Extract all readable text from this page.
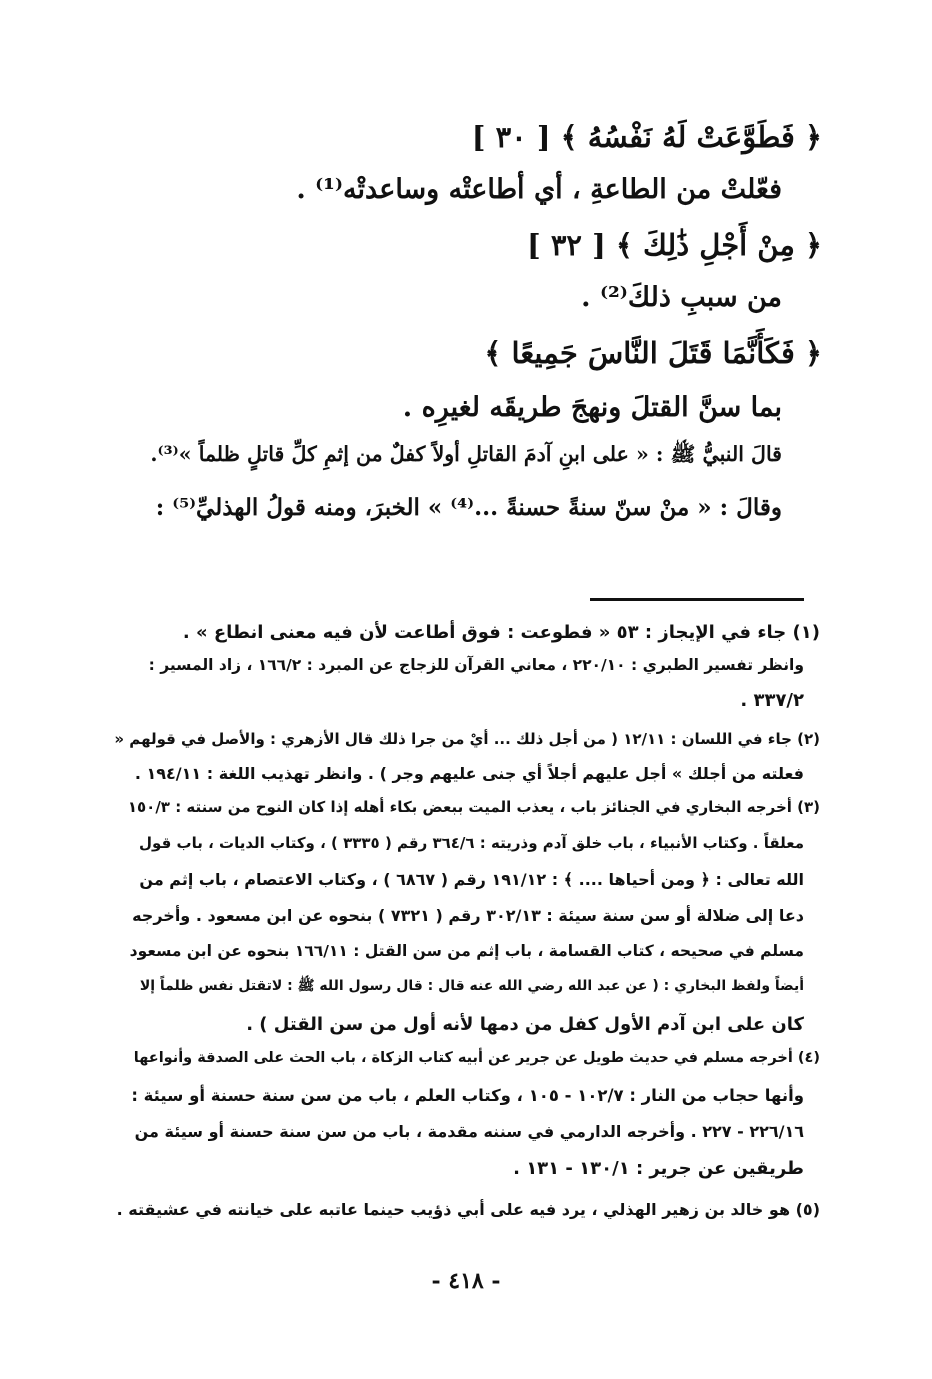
﴿ فَطَوَّعَتْ لَهُ نَفْسُهُ ﴾ [ ٣٠ ]
فعّلتْ من الطاعةِ ، أي أطاعتْه وساعدتْه⁽¹⁾ .
﴿ مِنْ أَجْلِ ذَٰلِكَ ﴾ [ ٣٢ ]
من سببِ ذلكَ⁽²⁾ .
﴿ فَكَأَنَّمَا قَتَلَ النَّاسَ جَمِيعًا ﴾
بما سنَّ القتلَ ونهجَ طريقَه لغيرِه .
قالَ النبيُّ ﷺ : « على ابنِ آدمَ القاتلِ أولاً كفلٌ من إثمِ كلِّ قاتلٍ ظلماً »⁽³⁾.
وقالَ : « منْ سنّ سنةً حسنةً ...⁽⁴⁾ » الخبرَ، ومنه قولُ الهذليِّ⁽⁵⁾ :
(١) جاء في الإيجاز : ٥٣ « فطوعت : فوق أطاعت لأن فيه معنى انطاع » .
وانظر تفسير الطبري : ٢٢٠/١٠ ، معاني القرآن للزجاج عن المبرد : ١٦٦/٢ ، زاد المسير :
٣٣٧/٢ .
(٢) جاء في اللسان : ١٢/١١ ( من أجل ذلك ... أيْ من جرا ذلك قال الأزهري : والأصل في قولهم «
فعلته من أجلك » أجل عليهم أجلاً أي جنى عليهم وجر ) . وانظر تهذيب اللغة : ١٩٤/١١ .
(٣) أخرجه البخاري في الجنائز باب ، يعذب الميت ببعض بكاء أهله إذا كان النوح من سنته : ١٥٠/٣
معلقاً . وكتاب الأنبياء ، باب خلق آدم وذريته : ٣٦٤/٦ رقم ( ٣٣٣٥ ) ، وكتاب الديات ، باب قول
الله تعالى : ﴿ ومن أحياها .... ﴾ : ١٩١/١٢ رقم ( ٦٨٦٧ ) ، وكتاب الاعتصام ، باب إثم من
دعا إلى ضلالة أو سن سنة سيئة : ٣٠٢/١٣ رقم ( ٧٣٢١ ) بنحوه عن ابن مسعود . وأخرجه
مسلم في صحيحه ، كتاب القسامة ، باب إثم من سن القتل : ١٦٦/١١ بنحوه عن ابن مسعود
أيضاً ولفظ البخاري : ( عن عبد الله رضي الله عنه قال : قال رسول الله ﷺ : لاتقتل نفس ظلماً إلا
كان على ابن آدم الأول كفل من دمها لأنه أول من سن القتل ) .
(٤) أخرجه مسلم في حديث طويل عن جرير عن أبيه كتاب الزكاة ، باب الحث على الصدقة وأنواعها
وأنها حجاب من النار : ١٠٢/٧ - ١٠٥ ، وكتاب العلم ، باب من سن سنة حسنة أو سيئة :
٢٢٦/١٦ - ٢٢٧ . وأخرجه الدارمي في سننه مقدمة ، باب من سن سنة حسنة أو سيئة من
طريقين عن جرير : ١٣٠/١ - ١٣١ .
(٥) هو خالد بن زهير الهذلي ، يرد فيه على أبي ذؤيب حينما عاتبه على خيانته في عشيقته .
- ٤١٨ -
